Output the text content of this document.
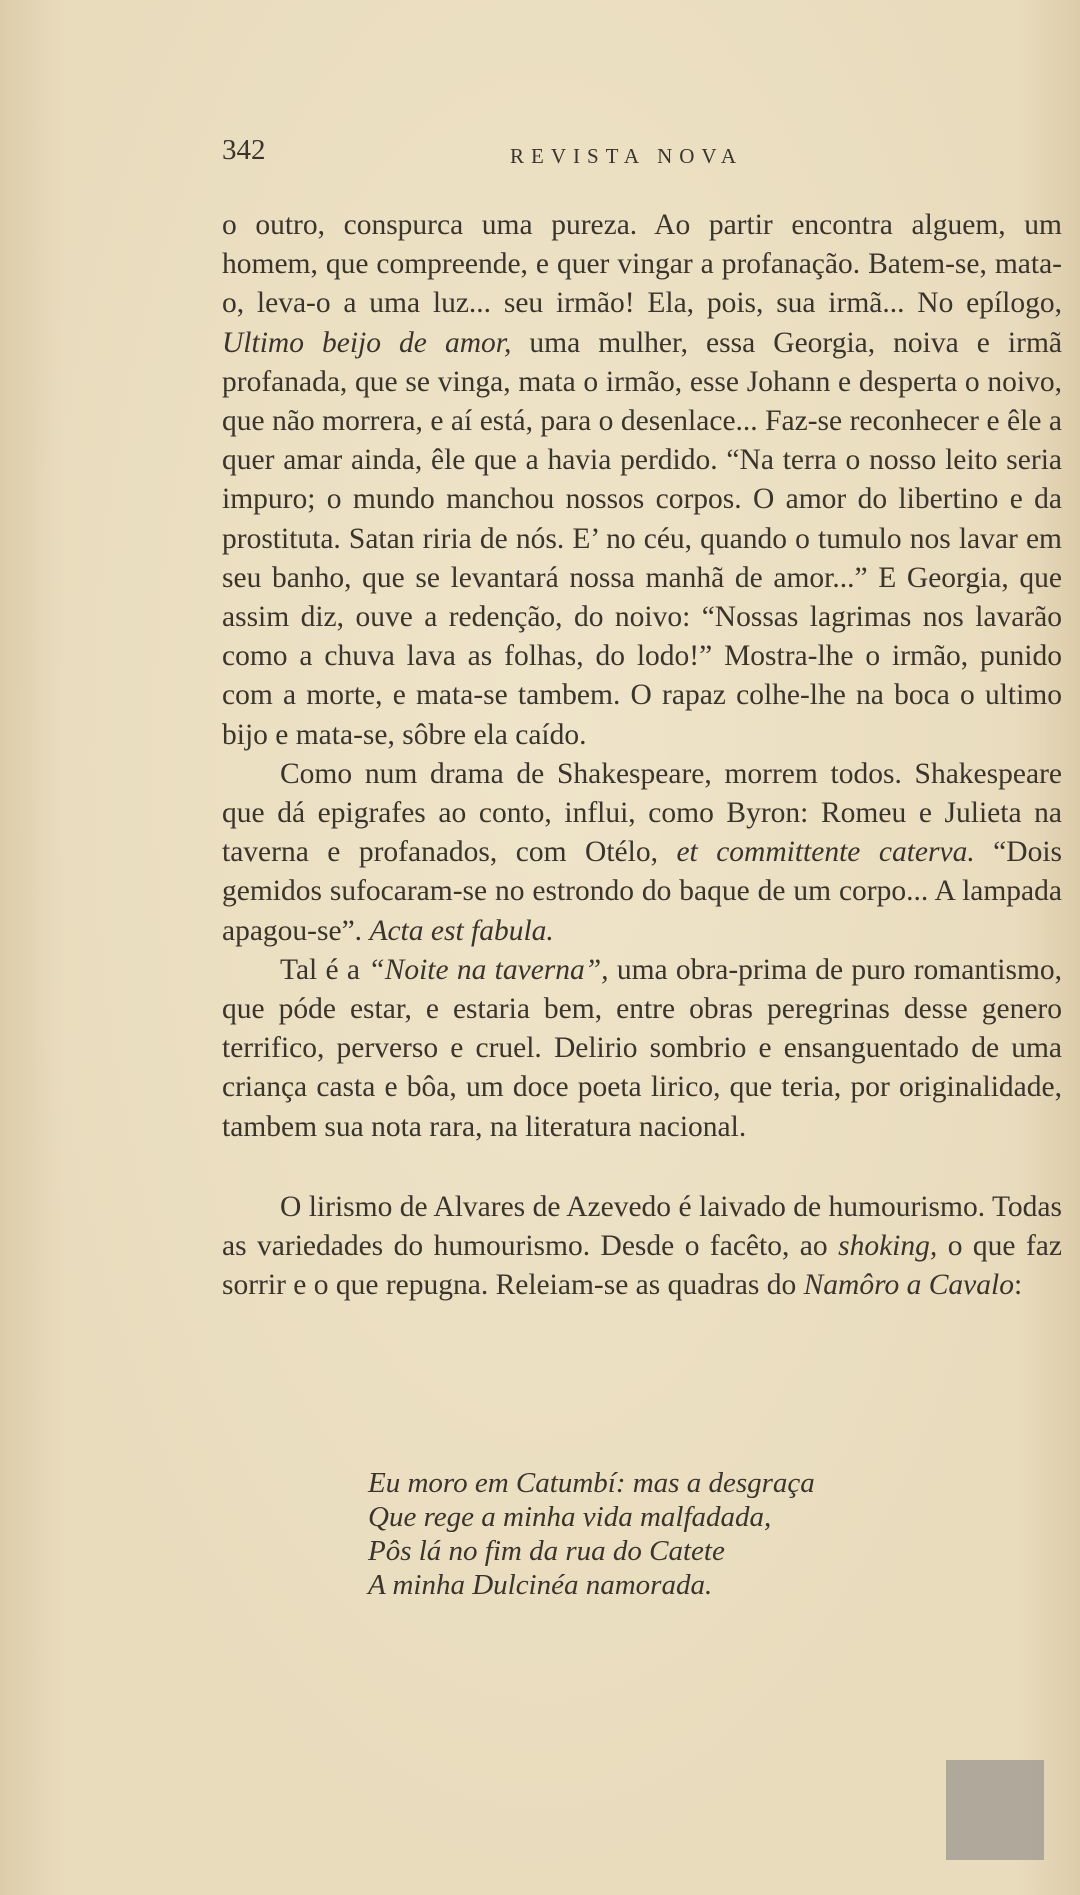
342	REVISTA NOVA

o outro, conspurca uma pureza. Ao partir encontra alguem, um homem, que compreende, e quer vingar a profanação. Batem-se, mata-o, leva-o a uma luz... seu irmão! Ela, pois, sua irmã... No epílogo, Ultimo beijo de amor, uma mulher, essa Georgia, noiva e irmã profanada, que se vinga, mata o irmão, esse Johann e desperta o noivo, que não morrera, e aí está, para o desenlace... Faz-se reconhecer e êle a quer amar ainda, êle que a havia perdido. “Na terra o nosso leito seria impuro; o mundo manchou nossos corpos. O amor do libertino e da prostituta. Satan riria de nós. E’ no céu, quando o tumulo nos lavar em seu banho, que se levantará nossa manhã de amor...” E Georgia, que assim diz, ouve a redenção, do noivo: “Nossas lagrimas nos lavarão como a chuva lava as folhas, do lodo!” Mostra-lhe o irmão, punido com a morte, e mata-se tambem. O rapaz colhe-lhe na boca o ultimo bijo e mata-se, sôbre ela caído.

Como num drama de Shakespeare, morrem todos. Shakespeare que dá epigrafes ao conto, influi, como Byron: Romeu e Julieta na taverna e profanados, com Otélo, et committente caterva. “Dois gemidos sufocaram-se no estrondo do baque de um corpo... A lampada apagou-se”. Acta est fabula.

Tal é a “Noite na taverna”, uma obra-prima de puro romantismo, que póde estar, e estaria bem, entre obras peregrinas desse genero terrifico, perverso e cruel. Delirio sombrio e ensanguentado de uma criança casta e bôa, um doce poeta lirico, que teria, por originalidade, tambem sua nota rara, na literatura nacional.

O lirismo de Alvares de Azevedo é laivado de humourismo. Todas as variedades do humourismo. Desde o facêto, ao shoking, o que faz sorrir e o que repugna. Releiam-se as quadras do Namôro a Cavalo:

Eu moro em Catumbí: mas a desgraça
Que rege a minha vida malfadada,
Pôs lá no fim da rua do Catete
A minha Dulcinéa namorada.
